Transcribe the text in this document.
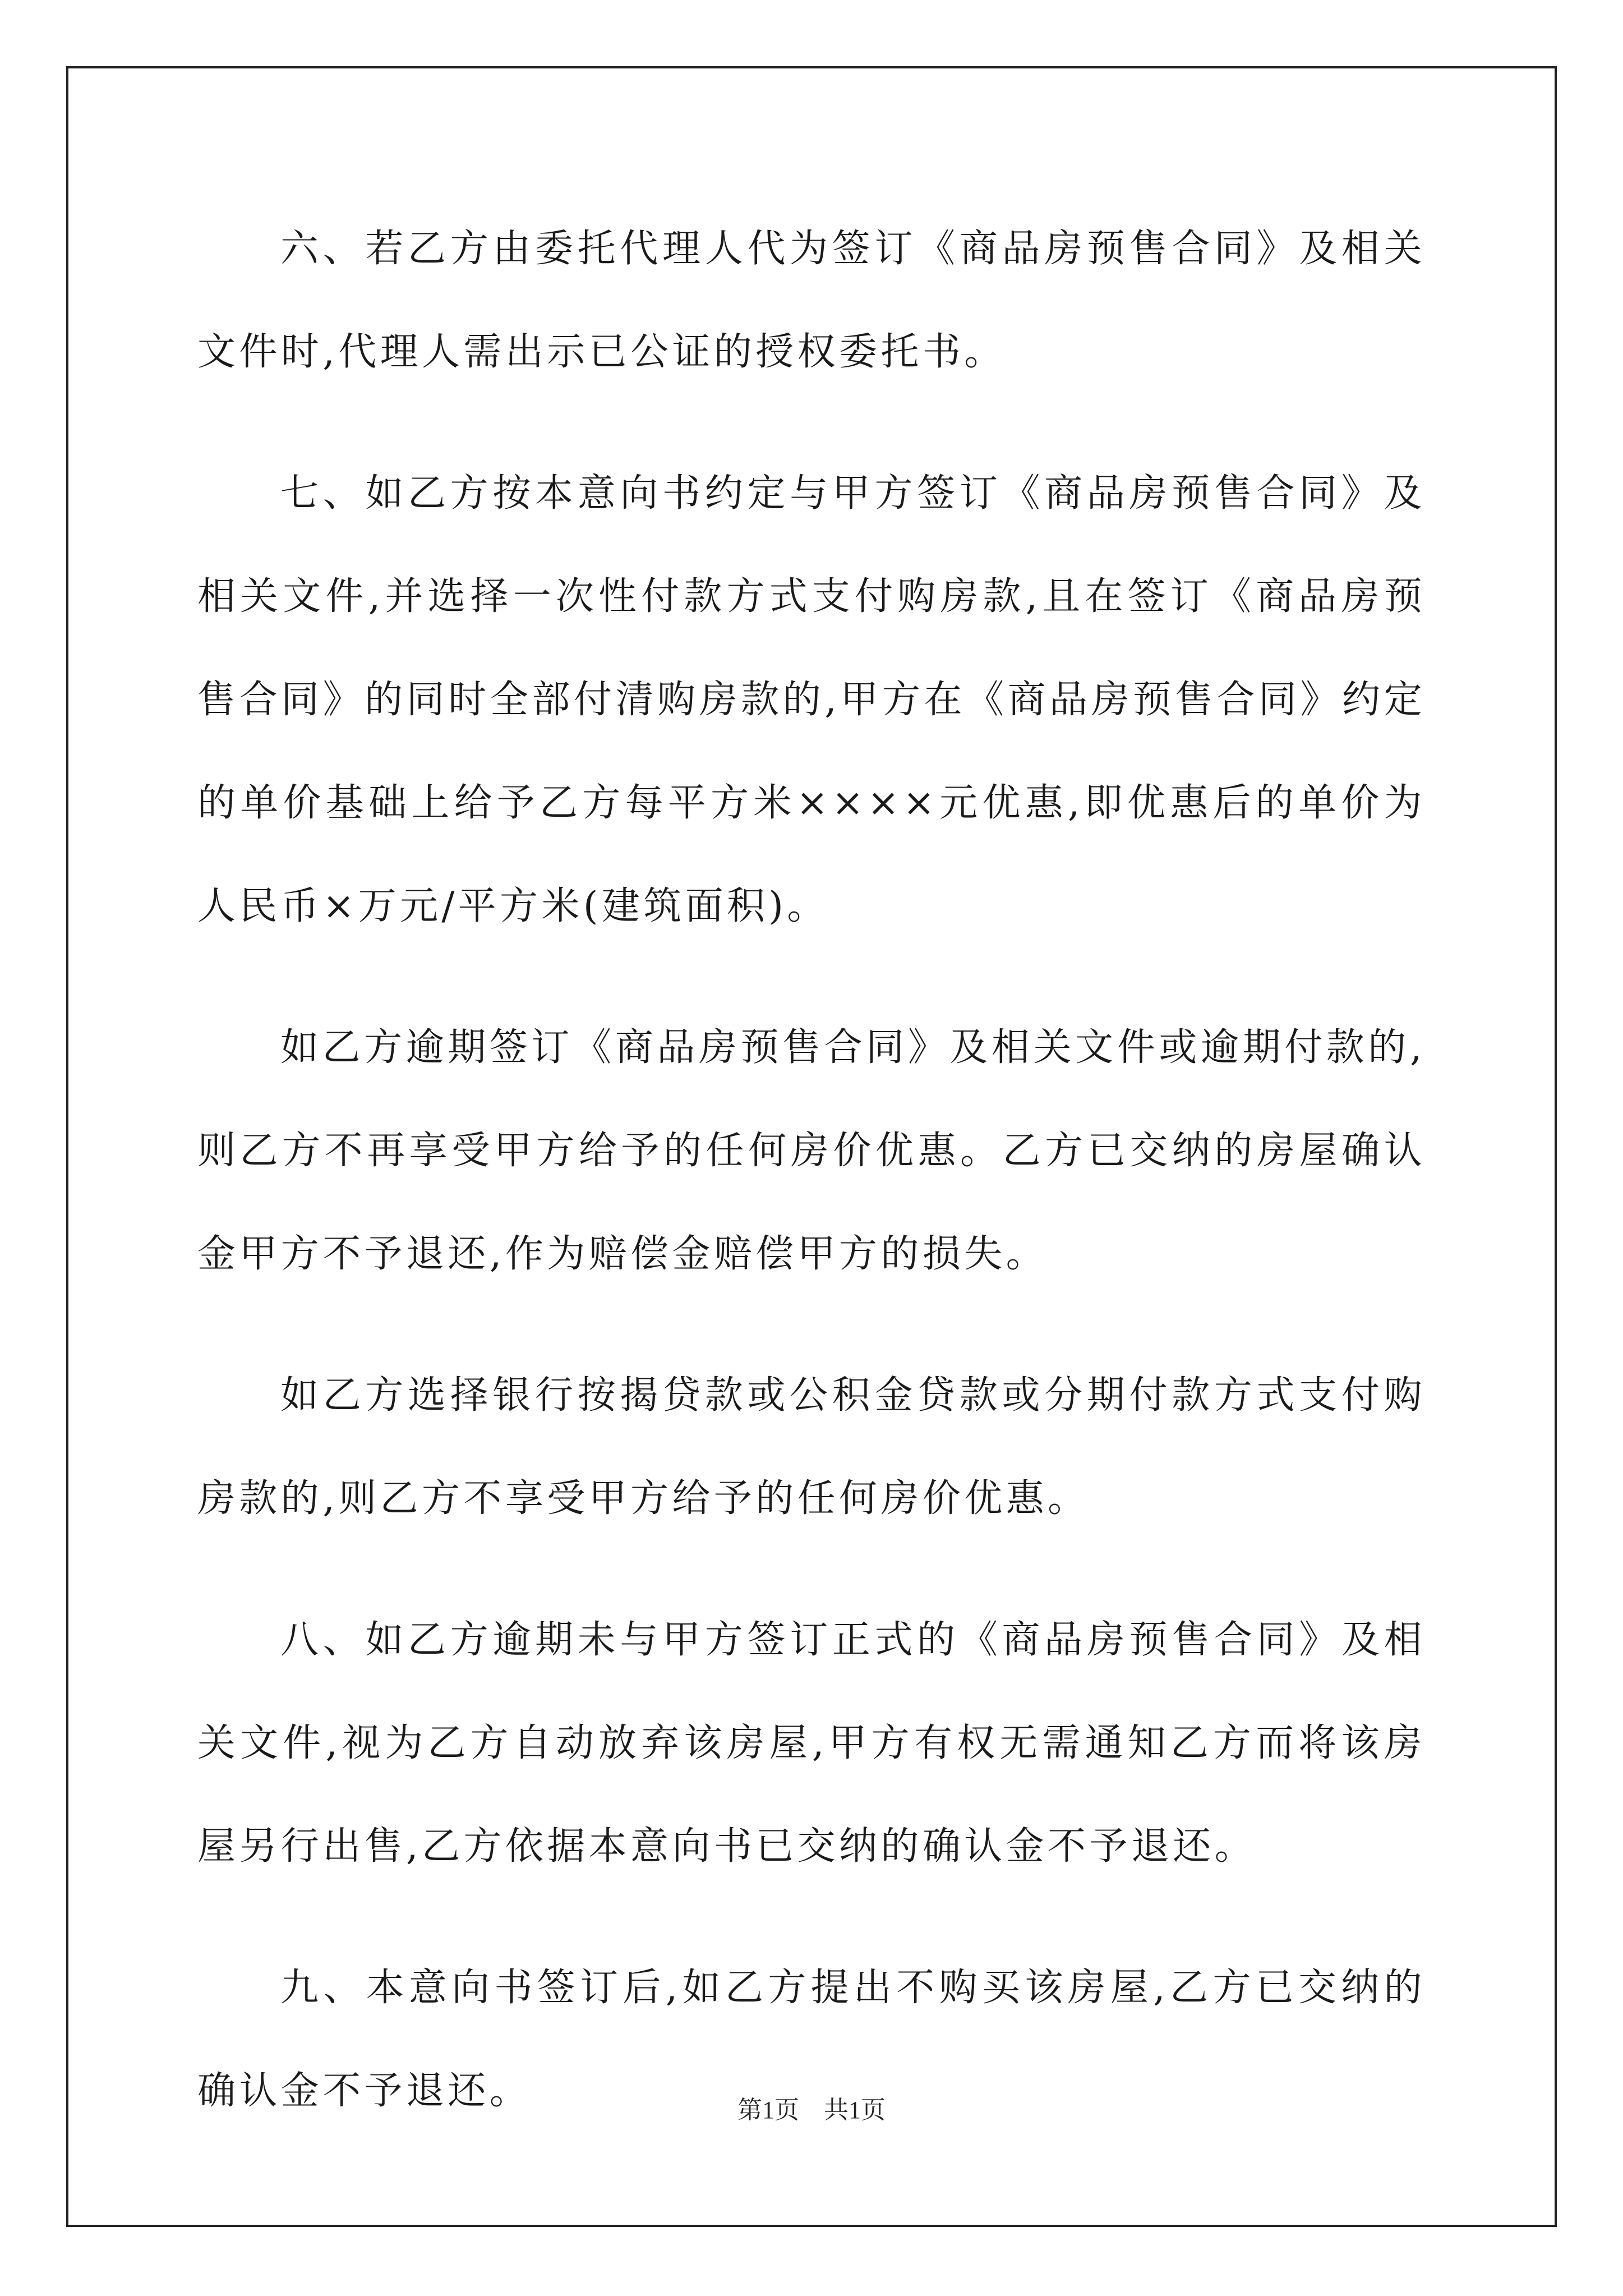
六、若乙方由委托代理人代为签订《商品房预售合同》及相关文件时,代理人需出示已公证的授权委托书。

七、如乙方按本意向书约定与甲方签订《商品房预售合同》及相关文件,并选择一次性付款方式支付购房款,且在签订《商品房预售合同》的同时全部付清购房款的,甲方在《商品房预售合同》约定的单价基础上给予乙方每平方米××××元优惠,即优惠后的单价为人民币×万元/平方米(建筑面积)。

如乙方逾期签订《商品房预售合同》及相关文件或逾期付款的,则乙方不再享受甲方给予的任何房价优惠。乙方已交纳的房屋确认金甲方不予退还,作为赔偿金赔偿甲方的损失。

如乙方选择银行按揭贷款或公积金贷款或分期付款方式支付购房款的,则乙方不享受甲方给予的任何房价优惠。

八、如乙方逾期未与甲方签订正式的《商品房预售合同》及相关文件,视为乙方自动放弃该房屋,甲方有权无需通知乙方而将该房屋另行出售,乙方依据本意向书已交纳的确认金不予退还。

九、本意向书签订后,如乙方提出不购买该房屋,乙方已交纳的确认金不予退还。	第1页 共1页
